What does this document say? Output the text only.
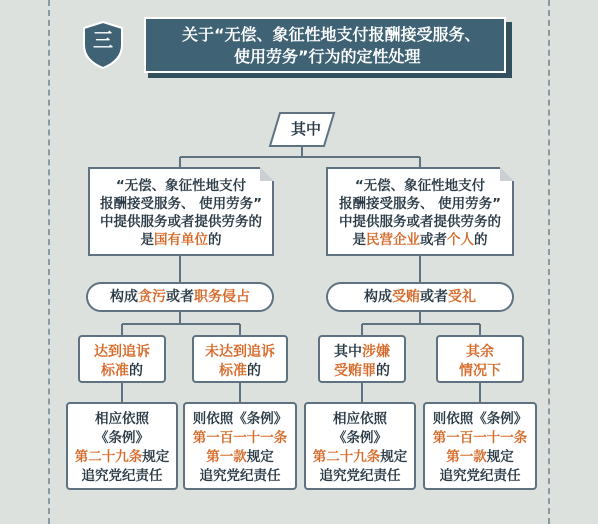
三	关于“无偿、象征性地支付报酬接受服务、
使用劳务”行为的定性处理
其中
“无偿、象征性地支付
报酬接受服务、 使用劳务”
中提供服务或者提供劳务的
是国有单位的
“无偿、象征性地支付
报酬接受服务、 使用劳务”
中提供服务或者提供劳务的
是民营企业或者个人的
构成贪污或者职务侵占	构成受贿或者受礼
达到追诉
标准的
未达到追诉
标准的
其中涉嫌
受贿罪的
其余
情况下
相应依照
《条例》
第二十九条规定
追究党纪责任
则依照《条例》
第一百一十一条
第一款规定
追究党纪责任
相应依照
《条例》
第二十九条规定
追究党纪责任
则依照《条例》
第一百一十一条
第一款规定
追究党纪责任
